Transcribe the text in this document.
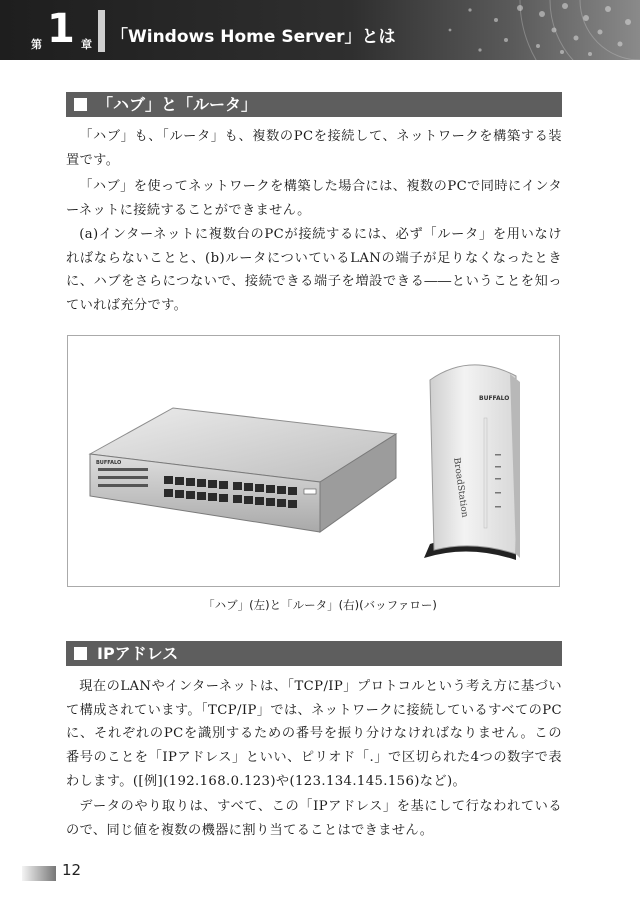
第 1 章 「Windows Home Server」とは
「ハブ」と「ルータ」

「ハブ」も、「ルータ」も、複数のPCを接続して、ネットワークを構築する装置です。

「ハブ」を使ってネットワークを構築した場合には、複数のPCで同時にインターネットに接続することができません。

(a)インターネットに複数台のPCが接続するには、必ず「ルータ」を用いなければならないことと、(b)ルータについているLANの端子が足りなくなったときに、ハブをさらにつないで、接続できる端子を増設できる――ということを知っていれば充分です。

BUFFALO
BUFFALO
BroadStation
「ハブ」(左)と「ルータ」(右)(バッファロー)
IPアドレス

現在のLANやインターネットは、「TCP/IP」プロトコルという考え方に基づいて構成されています。「TCP/IP」では、ネットワークに接続しているすべてのPCに、それぞれのPCを識別するための番号を振り分けなければなりません。この番号のことを「IPアドレス」といい、ピリオド「.」で区切られた4つの数字で表わします。([例](192.168.0.123)や(123.134.145.156)など)。

データのやり取りは、すべて、この「IPアドレス」を基にして行なわれているので、同じ値を複数の機器に割り当てることはできません。

12
